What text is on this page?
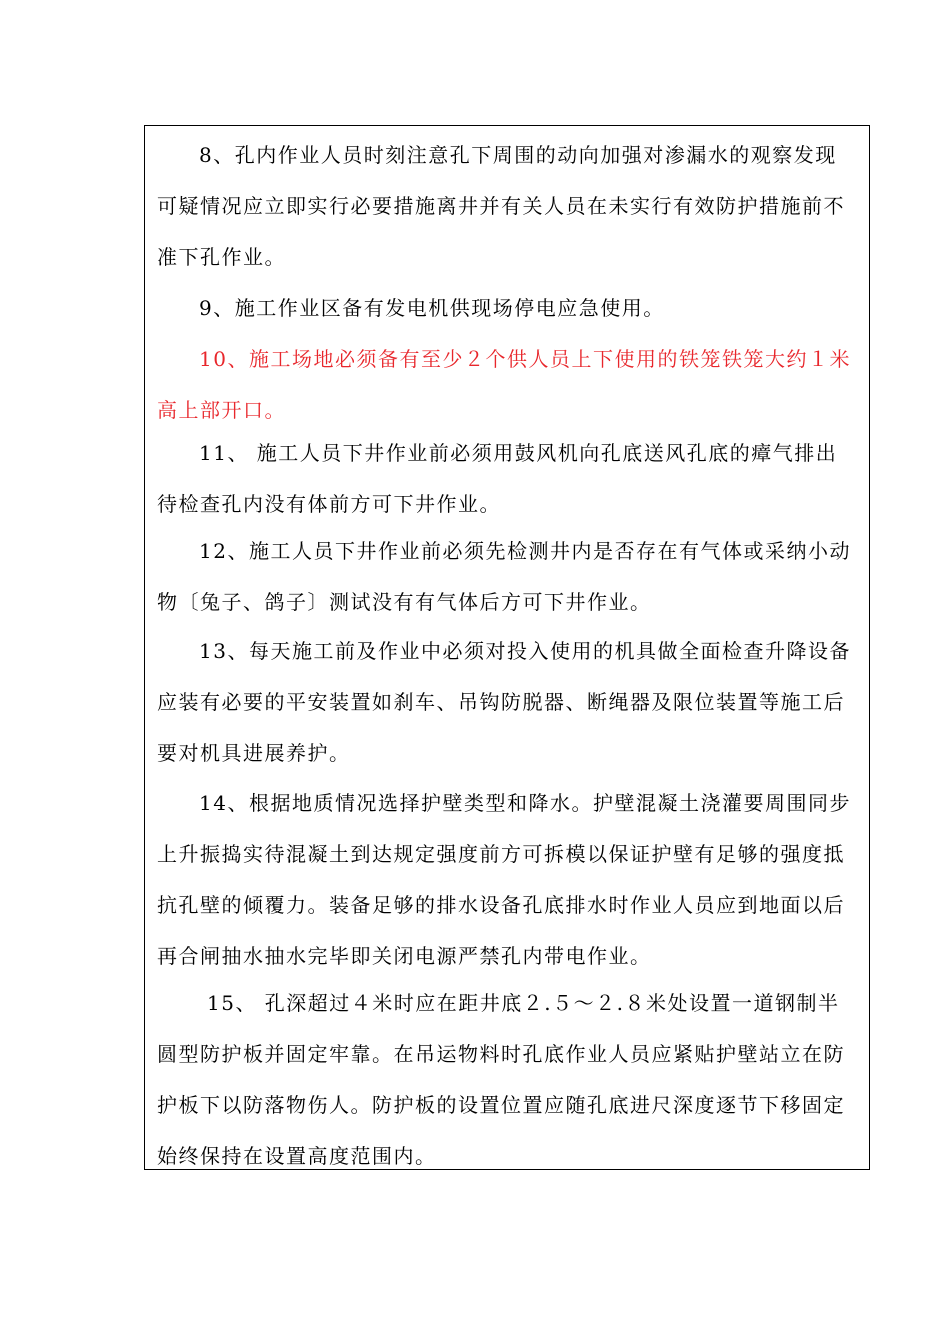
8、孔内作业人员时刻注意孔下周围的动向加强对渗漏水的观察发现可疑情况应立即实行必要措施离井并有关人员在未实行有效防护措施前不准下孔作业。

9、施工作业区备有发电机供现场停电应急使用。

10、施工场地必须备有至少２个供人员上下使用的铁笼铁笼大约１米高上部开口。

11、 施工人员下井作业前必须用鼓风机向孔底送风孔底的瘴气排出待检查孔内没有体前方可下井作业。

12、施工人员下井作业前必须先检测井内是否存在有气体或采纳小动物〔兔子、鸽子〕测试没有有气体后方可下井作业。

13、每天施工前及作业中必须对投入使用的机具做全面检查升降设备应装有必要的平安装置如刹车、吊钩防脱器、断绳器及限位装置等施工后要对机具进展养护。

14、根据地质情况选择护壁类型和降水。护壁混凝土浇灌要周围同步上升振捣实待混凝土到达规定强度前方可拆模以保证护壁有足够的强度抵抗孔壁的倾覆力。装备足够的排水设备孔底排水时作业人员应到地面以后再合闸抽水抽水完毕即关闭电源严禁孔内带电作业。

15、 孔深超过４米时应在距井底２.５～２.８米处设置一道钢制半圆型防护板并固定牢靠。在吊运物料时孔底作业人员应紧贴护壁站立在防护板下以防落物伤人。防护板的设置位置应随孔底进尺深度逐节下移固定始终保持在设置高度范围内。
